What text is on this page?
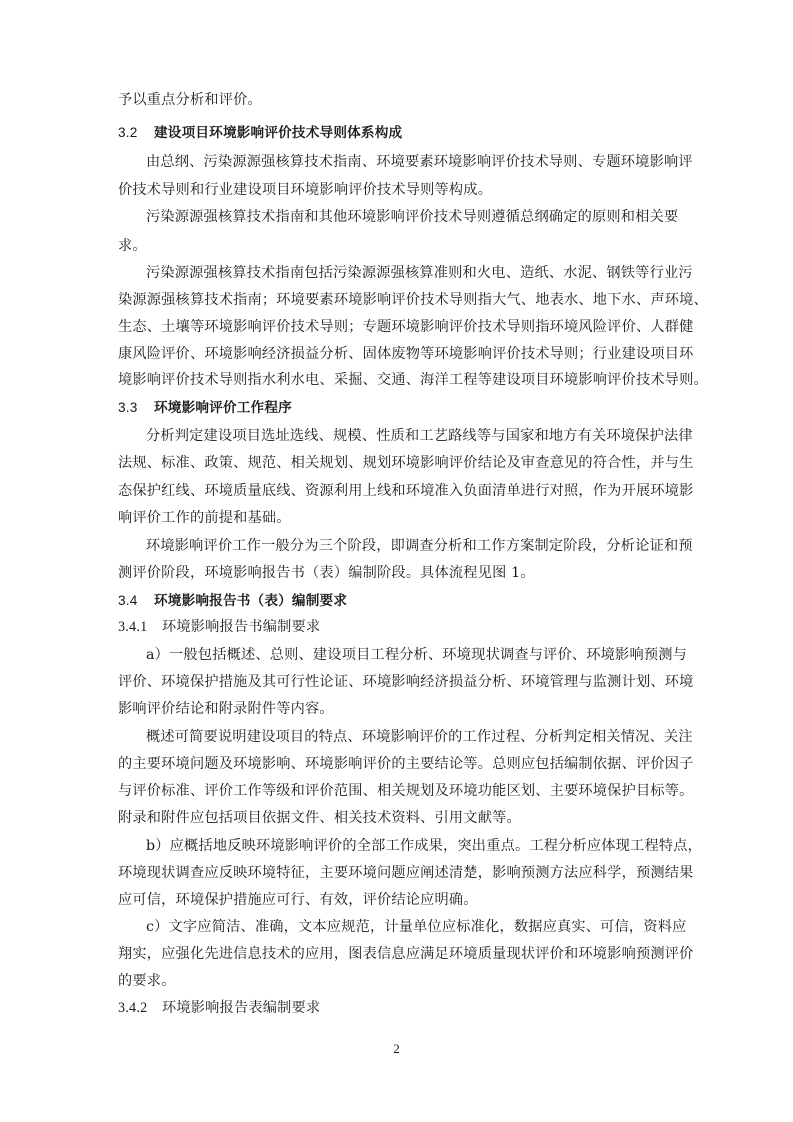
予以重点分析和评价。
3.2 建设项目环境影响评价技术导则体系构成
由总纲、污染源源强核算技术指南、环境要素环境影响评价技术导则、专题环境影响评
价技术导则和行业建设项目环境影响评价技术导则等构成。
污染源源强核算技术指南和其他环境影响评价技术导则遵循总纲确定的原则和相关要
求。
污染源源强核算技术指南包括污染源源强核算准则和火电、造纸、水泥、钢铁等行业污
染源源强核算技术指南；环境要素环境影响评价技术导则指大气、地表水、地下水、声环境、
生态、土壤等环境影响评价技术导则；专题环境影响评价技术导则指环境风险评价、人群健
康风险评价、环境影响经济损益分析、固体废物等环境影响评价技术导则；行业建设项目环
境影响评价技术导则指水利水电、采掘、交通、海洋工程等建设项目环境影响评价技术导则。
3.3 环境影响评价工作程序
分析判定建设项目选址选线、规模、性质和工艺路线等与国家和地方有关环境保护法律
法规、标准、政策、规范、相关规划、规划环境影响评价结论及审查意见的符合性，并与生
态保护红线、环境质量底线、资源利用上线和环境准入负面清单进行对照，作为开展环境影
响评价工作的前提和基础。
环境影响评价工作一般分为三个阶段，即调查分析和工作方案制定阶段，分析论证和预
测评价阶段，环境影响报告书（表）编制阶段。具体流程见图 1。
3.4 环境影响报告书（表）编制要求
3.4.1 环境影响报告书编制要求
a）一般包括概述、总则、建设项目工程分析、环境现状调查与评价、环境影响预测与
评价、环境保护措施及其可行性论证、环境影响经济损益分析、环境管理与监测计划、环境
影响评价结论和附录附件等内容。
概述可简要说明建设项目的特点、环境影响评价的工作过程、分析判定相关情况、关注
的主要环境问题及环境影响、环境影响评价的主要结论等。总则应包括编制依据、评价因子
与评价标准、评价工作等级和评价范围、相关规划及环境功能区划、主要环境保护目标等。
附录和附件应包括项目依据文件、相关技术资料、引用文献等。
b）应概括地反映环境影响评价的全部工作成果，突出重点。工程分析应体现工程特点，
环境现状调查应反映环境特征，主要环境问题应阐述清楚，影响预测方法应科学，预测结果
应可信，环境保护措施应可行、有效，评价结论应明确。
c）文字应简洁、准确，文本应规范，计量单位应标准化，数据应真实、可信，资料应
翔实，应强化先进信息技术的应用，图表信息应满足环境质量现状评价和环境影响预测评价
的要求。
3.4.2 环境影响报告表编制要求
2
